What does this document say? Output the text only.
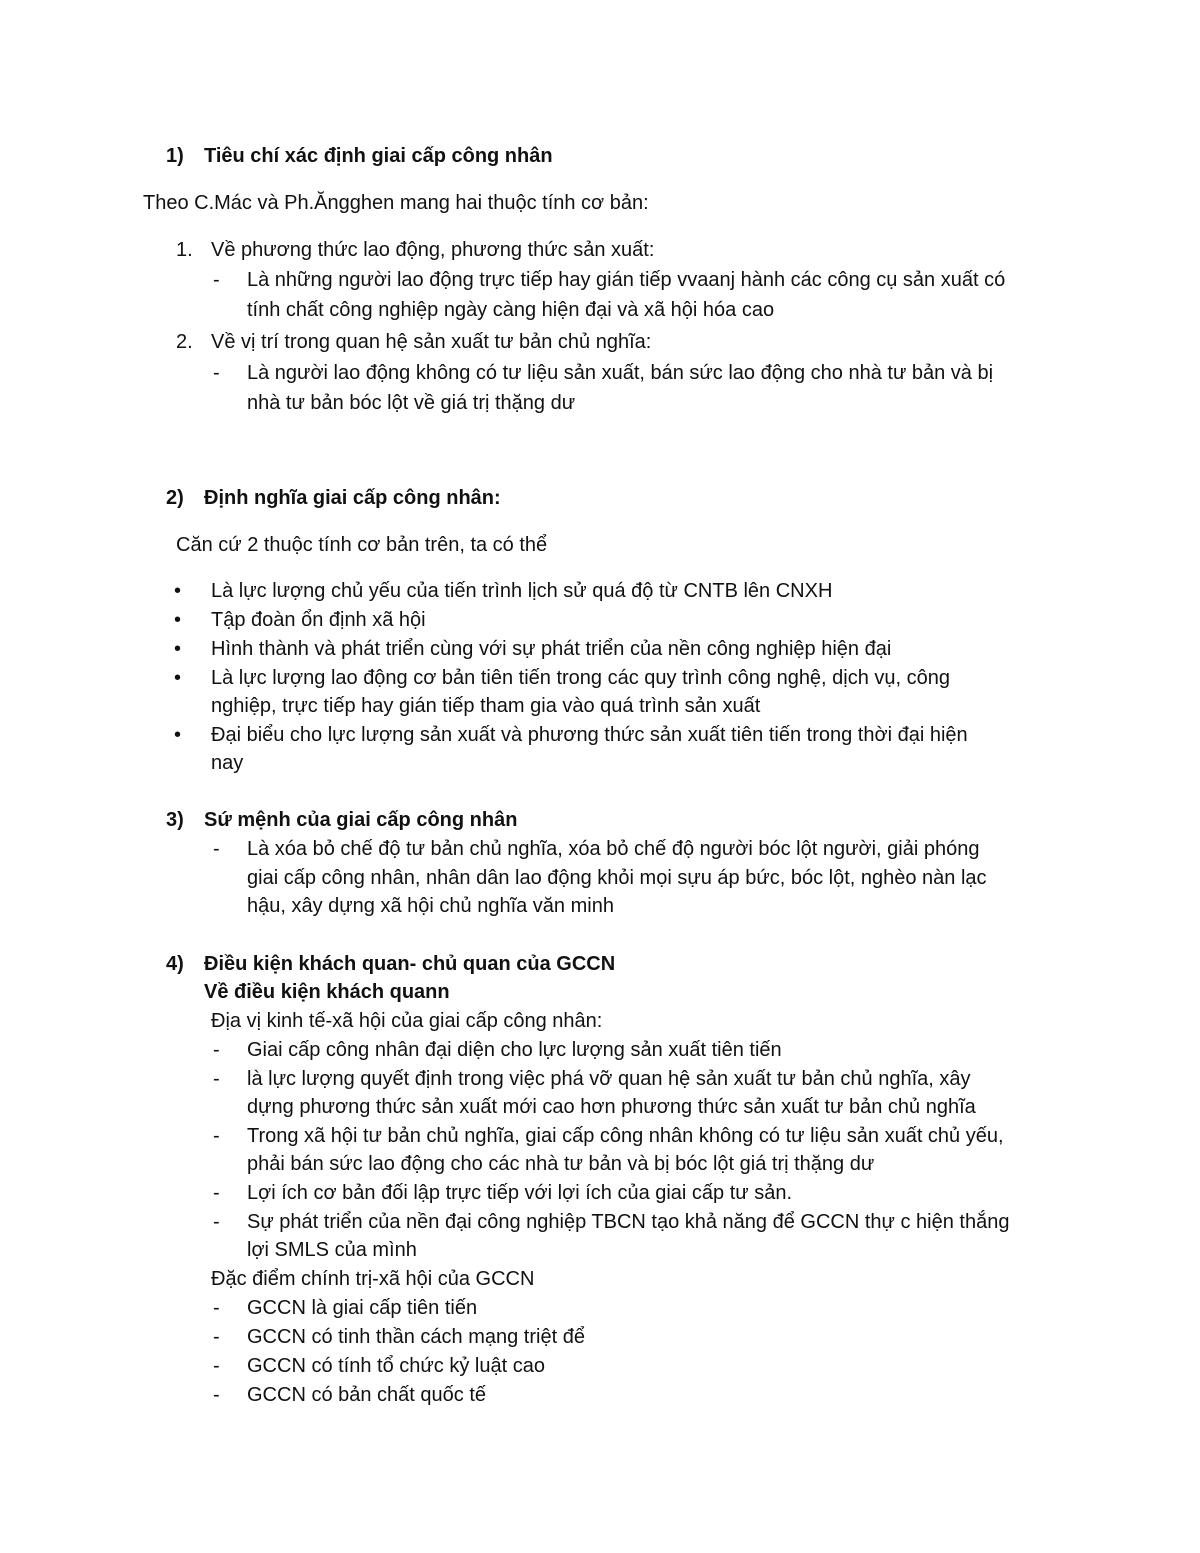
1) Tiêu chí xác định giai cấp công nhân
Theo C.Mác và Ph.Ăngghen mang hai thuộc tính cơ bản:
1. Về phương thức lao động, phương thức sản xuất:
- Là những người lao động trực tiếp hay gián tiếp vvaanj hành các công cụ sản xuất có
tính chất công nghiệp ngày càng hiện đại và xã hội hóa cao
2. Về vị trí trong quan hệ sản xuất tư bản chủ nghĩa:
- Là người lao động không có tư liệu sản xuất, bán sức lao động cho nhà tư bản và bị
nhà tư bản bóc lột về giá trị thặng dư
2) Định nghĩa giai cấp công nhân:
Căn cứ 2 thuộc tính cơ bản trên, ta có thể
• Là lực lượng chủ yếu của tiến trình lịch sử quá độ từ CNTB lên CNXH
• Tập đoàn ổn định xã hội
• Hình thành và phát triển cùng với sự phát triển của nền công nghiệp hiện đại
• Là lực lượng lao động cơ bản tiên tiến trong các quy trình công nghệ, dịch vụ, công
nghiệp, trực tiếp hay gián tiếp tham gia vào quá trình sản xuất
• Đại biểu cho lực lượng sản xuất và phương thức sản xuất tiên tiến trong thời đại hiện
nay
3) Sứ mệnh của giai cấp công nhân
- Là xóa bỏ chế độ tư bản chủ nghĩa, xóa bỏ chế độ người bóc lột người, giải phóng
giai cấp công nhân, nhân dân lao động khỏi mọi sựu áp bức, bóc lột, nghèo nàn lạc
hậu, xây dựng xã hội chủ nghĩa văn minh
4) Điều kiện khách quan- chủ quan của GCCN
Về điều kiện khách quann
Địa vị kinh tế-xã hội của giai cấp công nhân:
- Giai cấp công nhân đại diện cho lực lượng sản xuất tiên tiến
- là lực lượng quyết định trong việc phá vỡ quan hệ sản xuất tư bản chủ nghĩa, xây
dựng phương thức sản xuất mới cao hơn phương thức sản xuất tư bản chủ nghĩa
- Trong xã hội tư bản chủ nghĩa, giai cấp công nhân không có tư liệu sản xuất chủ yếu,
phải bán sức lao động cho các nhà tư bản và bị bóc lột giá trị thặng dư
- Lợi ích cơ bản đối lập trực tiếp với lợi ích của giai cấp tư sản.
- Sự phát triển của nền đại công nghiệp TBCN tạo khả năng để GCCN thự c hiện thắng
lợi SMLS của mình
Đặc điểm chính trị-xã hội của GCCN
- GCCN là giai cấp tiên tiến
- GCCN có tinh thần cách mạng triệt để
- GCCN có tính tổ chức kỷ luật cao
- GCCN có bản chất quốc tế
